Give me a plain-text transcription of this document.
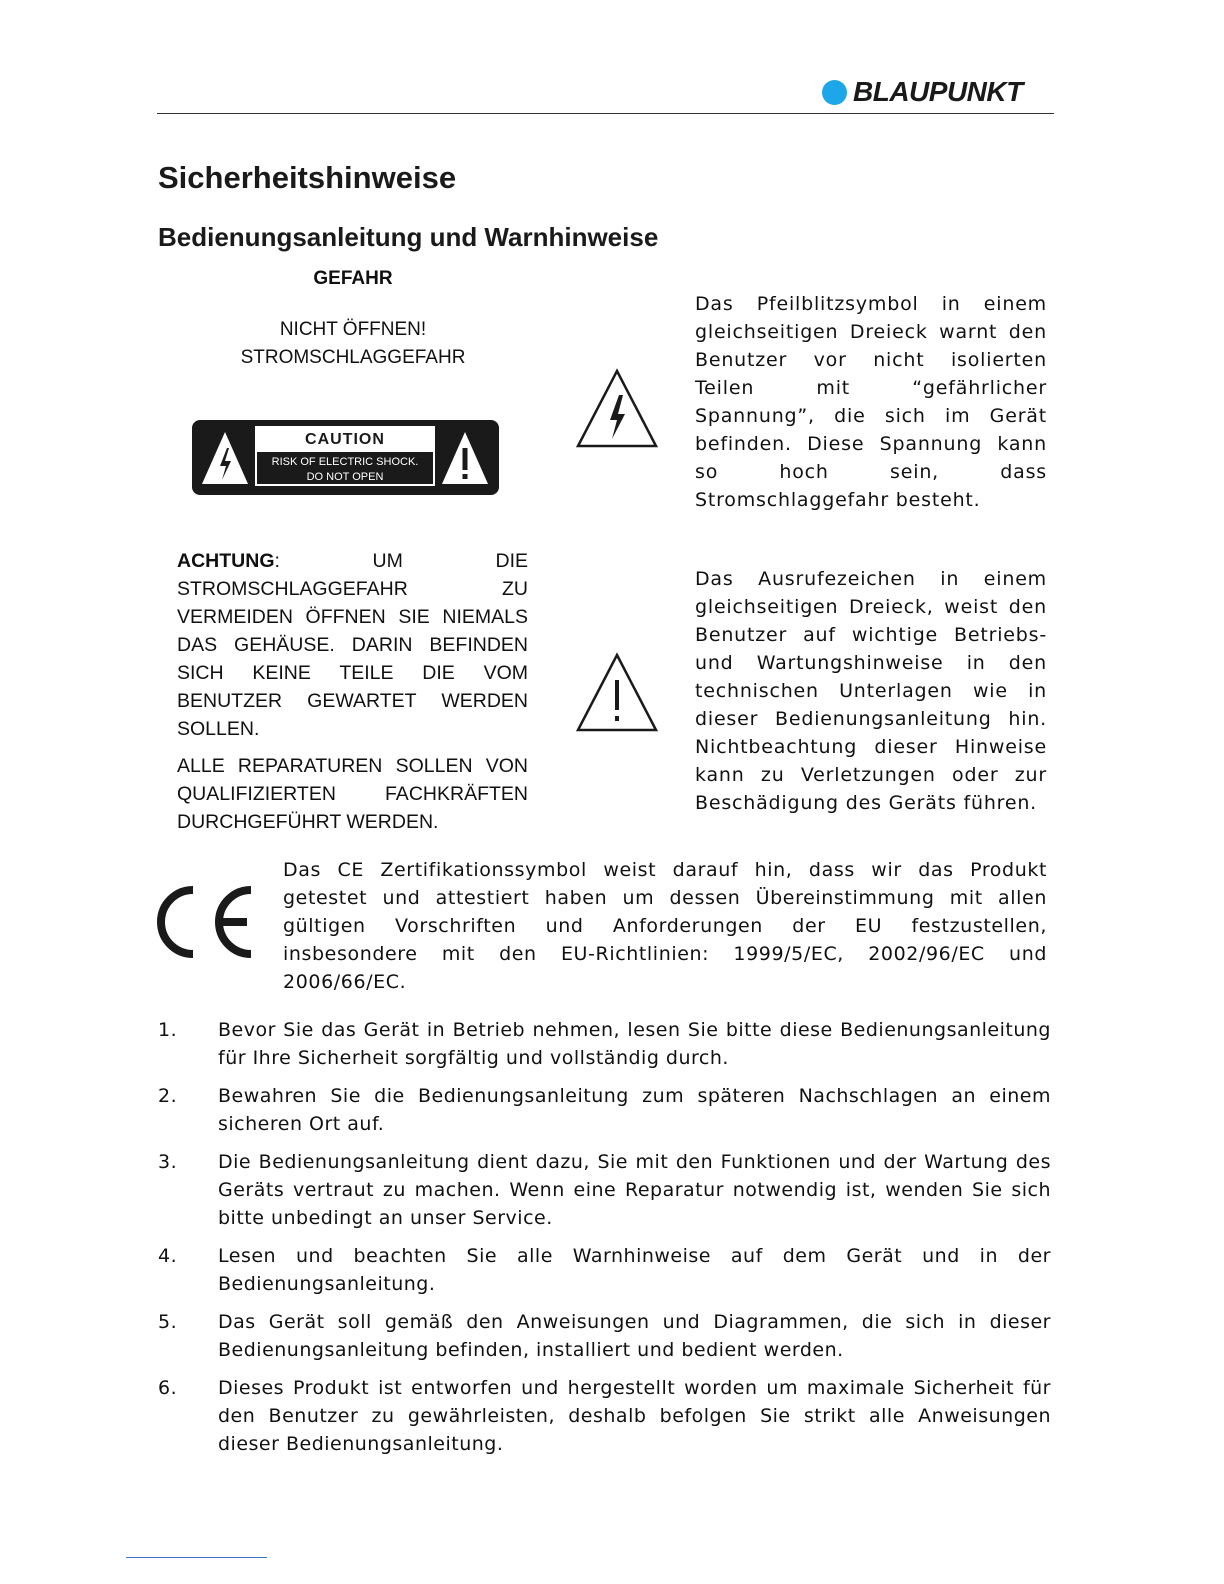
BLAUPUNKT
Sicherheitshinweise
Bedienungsanleitung und Warnhinweise
GEFAHR
NICHT ÖFFNEN!
STROMSCHLAGGEFAHR
CAUTION
RISK OF ELECTRIC SHOCK.
DO NOT OPEN

ACHTUNG: UM DIE STROMSCHLAGGEFAHR ZU VERMEIDEN ÖFFNEN SIE NIEMALS DAS GEHÄUSE. DARIN BEFINDEN SICH KEINE TEILE DIE VOM BENUTZER GEWARTET WERDEN SOLLEN.

ALLE REPARATUREN SOLLEN VON QUALIFIZIERTEN FACHKRÄFTEN DURCHGEFÜHRT WERDEN.

Das Pfeilblitzsymbol in einem gleichseitigen Dreieck warnt den Benutzer vor nicht isolierten Teilen mit “gefährlicher Spannung”, die sich im Gerät befinden. Diese Spannung kann so hoch sein, dass Stromschlaggefahr besteht.

Das Ausrufezeichen in einem gleichseitigen Dreieck, weist den Benutzer auf wichtige Betriebs- und Wartungshinweise in den technischen Unterlagen wie in dieser Bedienungsanleitung hin. Nichtbeachtung dieser Hinweise kann zu Verletzungen oder zur Beschädigung des Geräts führen.

Das CE Zertifikationssymbol weist darauf hin, dass wir das Produkt getestet und attestiert haben um dessen Übereinstimmung mit allen gültigen Vorschriften und Anforderungen der EU festzustellen, insbesondere mit den EU-Richtlinien: 1999/5/EC, 2002/96/EC und 2006/66/EC.

1.	Bevor Sie das Gerät in Betrieb nehmen, lesen Sie bitte diese Bedienungsanleitung für Ihre Sicherheit sorgfältig und vollständig durch.
2.	Bewahren Sie die Bedienungsanleitung zum späteren Nachschlagen an einem sicheren Ort auf.
3.	Die Bedienungsanleitung dient dazu, Sie mit den Funktionen und der Wartung des Geräts vertraut zu machen. Wenn eine Reparatur notwendig ist, wenden Sie sich bitte unbedingt an unser Service.
4.	Lesen und beachten Sie alle Warnhinweise auf dem Gerät und in der Bedienungsanleitung.
5.	Das Gerät soll gemäß den Anweisungen und Diagrammen, die sich in dieser Bedienungsanleitung befinden, installiert und bedient werden.
6.	Dieses Produkt ist entworfen und hergestellt worden um maximale Sicherheit für den Benutzer zu gewährleisten, deshalb befolgen Sie strikt alle Anweisungen dieser Bedienungsanleitung.
